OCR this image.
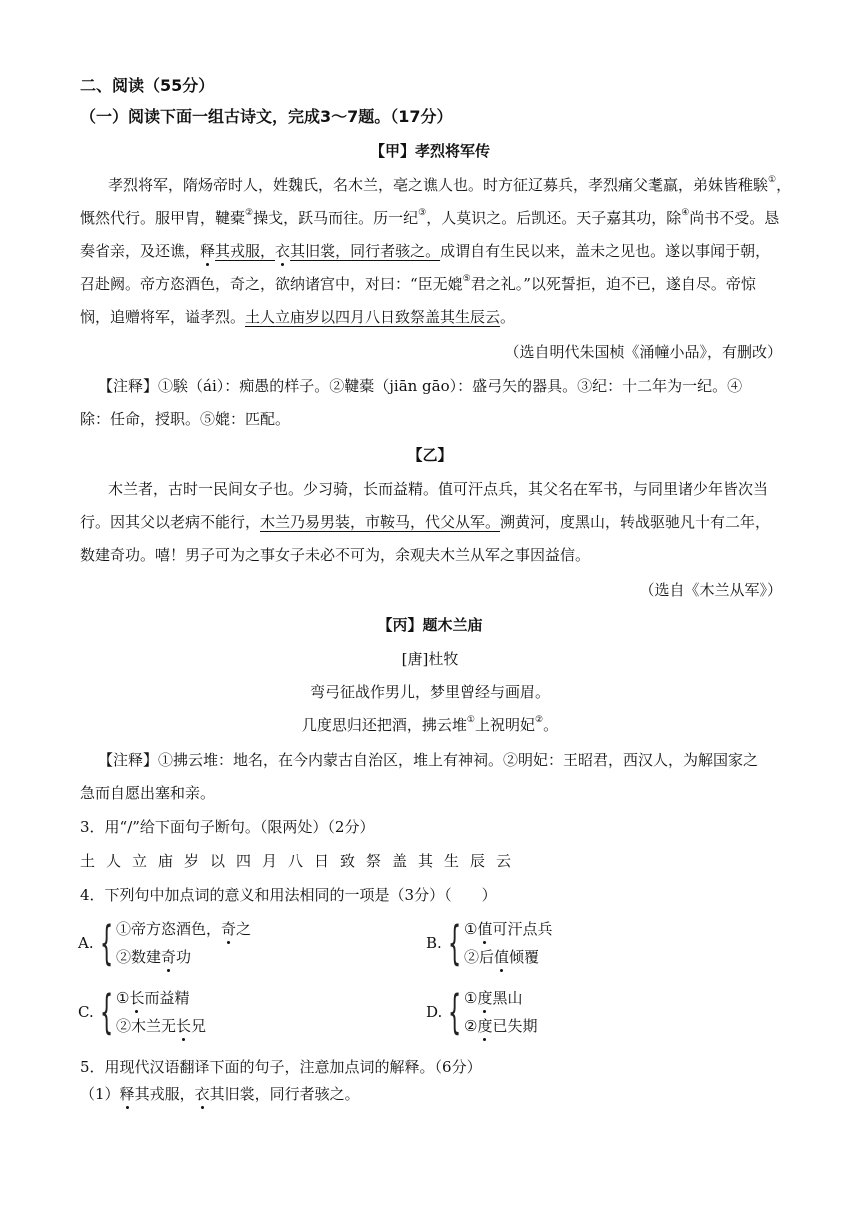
二、阅读（55分）
（一）阅读下面一组古诗文，完成3～7题。（17分）
【甲】孝烈将军传
孝烈将军，隋炀帝时人，姓魏氏，名木兰，亳之谯人也。时方征辽募兵，孝烈痛父耄羸，弟妹皆稚騃①，
慨然代行。服甲胄，鞬橐②操戈，跃马而往。历一纪③，人莫识之。后凯还。天子嘉其功，除④尚书不受。恳
奏省亲，及还谯，释其戎服，衣其旧裳，同行者骇之。成谓自有生民以来，盖未之见也。遂以事闻于朝，
召赴阙。帝方恣酒色，奇之，欲纳诸宫中，对曰：“臣无媲⑤君之礼。”以死誓拒，迫不已，遂自尽。帝惊
悯，追赠将军，谥孝烈。土人立庙岁以四月八日致祭盖其生辰云。
（选自明代朱国桢《涌幢小品》，有删改）
【注释】①騃（ái）：痴愚的样子。②鞬橐（jiān gāo）：盛弓矢的器具。③纪：十二年为一纪。④
除：任命，授职。⑤媲：匹配。
【乙】
木兰者，古时一民间女子也。少习骑，长而益精。值可汗点兵，其父名在军书，与同里诸少年皆次当
行。因其父以老病不能行，木兰乃易男装，市鞍马，代父从军。溯黄河，度黑山，转战驱驰凡十有二年，
数建奇功。嘻！男子可为之事女子未必不可为，余观夫木兰从军之事因益信。
（选自《木兰从军》）
【丙】题木兰庙
[唐]杜牧
弯弓征战作男儿，梦里曾经与画眉。
几度思归还把酒，拂云堆①上祝明妃②。
【注释】①拂云堆：地名，在今内蒙古自治区，堆上有神祠。②明妃：王昭君，西汉人，为解国家之
急而自愿出塞和亲。
3．用“/”给下面句子断句。（限两处）（2分）
土人立庙岁以四月八日致祭盖其生辰云
4．下列句中加点词的意义和用法相同的一项是（3分）（　　）
A. { ①帝方恣酒色，奇之
②数建奇功
B. { ①值可汗点兵
②后值倾覆
C. { ①长而益精
②木兰无长兄
D. { ①度黑山
②度已失期
5．用现代汉语翻译下面的句子，注意加点词的解释。（6分）
（1）释其戎服，衣其旧裳，同行者骇之。
